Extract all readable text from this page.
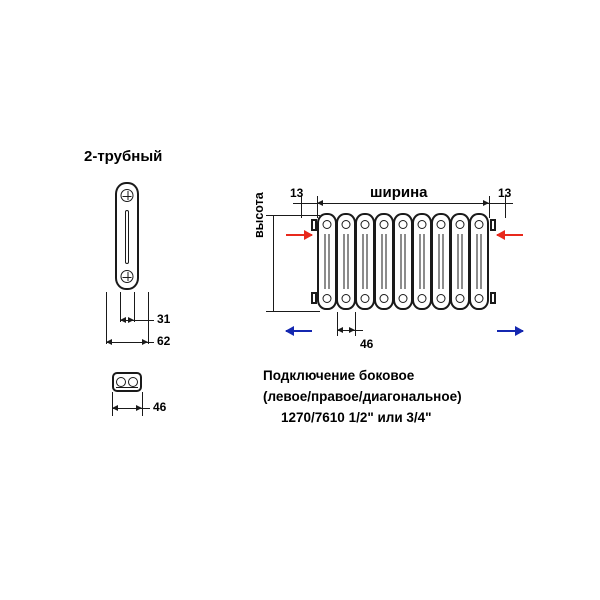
2-трубный
31
62
46
ширина
13	13
высота
46
Подключение боковое
(левое/правое/диагональное)
1270/7610 1/2" или 3/4"
